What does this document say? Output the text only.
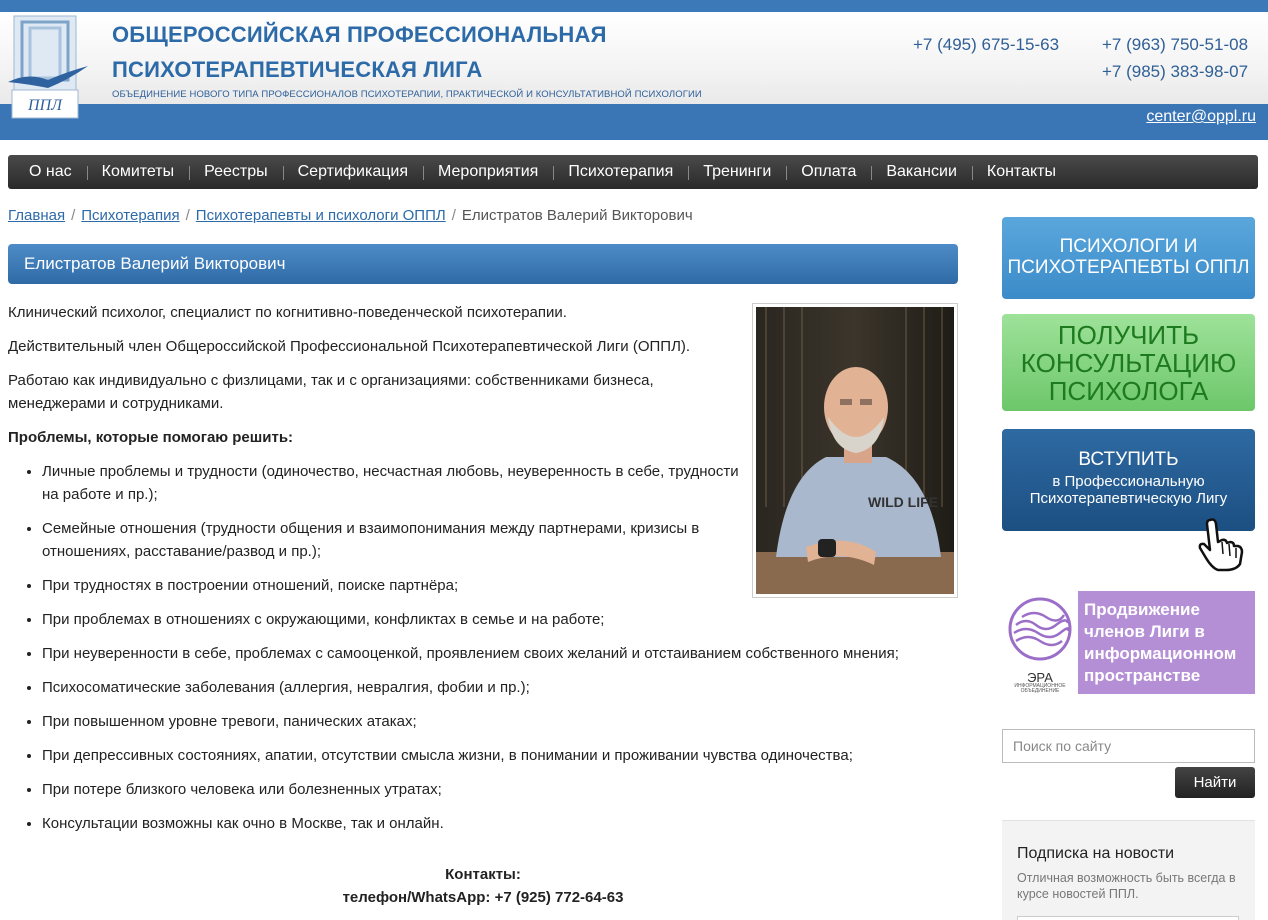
ППЛ
ОБЩЕРОССИЙСКАЯ ПРОФЕССИОНАЛЬНАЯ
ПСИХОТЕРАПЕВТИЧЕСКАЯ ЛИГА
ОБЪЕДИНЕНИЕ НОВОГО ТИПА ПРОФЕССИОНАЛОВ ПСИХОТЕРАПИИ, ПРАКТИЧЕСКОЙ И КОНСУЛЬТАТИВНОЙ ПСИХОЛОГИИ
+7 (495) 675-15-63	+7 (963) 750-51-08
+7 (985) 383-98-07
center@oppl.ru
О нас	Комитеты	Реестры	Сертификация	Мероприятия	Психотерапия	Тренинги	Оплата	Вакансии	Контакты
Главная / Психотерапия / Психотерапевты и психологи ОППЛ / Елистратов Валерий Викторович
Елистратов Валерий Викторович

Клинический психолог, специалист по когнитивно-поведенческой психотерапии.

Действительный член Общероссийской Профессиональной Психотерапевтической Лиги (ОППЛ).

Работаю как индивидуально с физлицами, так и с организациями: собственниками бизнеса, менеджерами и сотрудниками.

Проблемы, которые помогаю решить:
• Личные проблемы и трудности (одиночество, несчастная любовь, неуверенность в себе, трудности на работе и пр.);
• Семейные отношения (трудности общения и взаимопонимания между партнерами, кризисы в отношениях, расставание/развод и пр.);
• При трудностях в построении отношений, поиске партнёра;
• При проблемах в отношениях с окружающими, конфликтах в семье и на работе;
• При неуверенности в себе, проблемах с самооценкой, проявлением своих желаний и отстаиванием собственного мнения;
• Психосоматические заболевания (аллергия, невралгия, фобии и пр.);
• При повышенном уровне тревоги, панических атаках;
• При депрессивных состояниях, апатии, отсутствии смысла жизни, в понимании и проживании чувства одиночества;
• При потере близкого человека или болезненных утратах;
• Консультации возможны как очно в Москве, так и онлайн.
WILD LIFE
Контакты:
телефон/WhatsApp: +7 (925) 772-64-63
ПСИХОЛОГИ И ПСИХОТЕРАПЕВТЫ ОППЛ
ПОЛУЧИТЬ КОНСУЛЬТАЦИЮ ПСИХОЛОГА
ВСТУПИТЬ
в Профессиональную Психотерапевтическую Лигу
ЭРА
ИНФОРМАЦИОННОЕ ОБЪЕДИНЕНИЕ
Продвижение членов Лиги в информационном пространстве
Поиск по сайту
Найти
Подписка на новости
Отличная возможность быть всегда в курсе новостей ППЛ.
